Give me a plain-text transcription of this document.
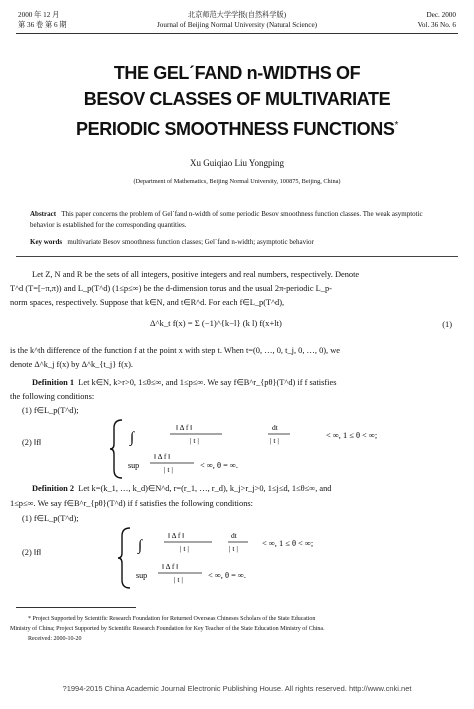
2000 年 12 月
第 36 卷 第 6 期
北京师范大学学报(自然科学版)
Journal of Beijing Normal University (Natural Science)
Dec. 2000
Vol. 36 No. 6
THE GELˊFAND n-WIDTHS OF
BESOV CLASSES OF MULTIVARIATE
PERIODIC SMOOTHNESS FUNCTIONS*
Xu Guiqiao Liu Yongping
(Department of Mathematics, Beijing Normal University, 100875, Beijing, China)
Abstract This paper concerns the problem of Gelˊfand n-width of some periodic Besov smoothness function classes. The weak asymptotic behavior is established for the corresponding quantities.
Key words multivariate Besov smoothness function classes; Gelˊfand n-width; asymptotic behavior
Let Z, N and R be the sets of all integers, positive integers and real numbers, respectively. Denote
T^d (T=[−π,π)) and L_p(T^d) (1≤p≤∞) be the d-dimension torus and the usual 2π-periodic L_p-
norm spaces, respectively. Suppose that k∈N, and t∈R^d. For each f∈L_p(T^d),
Δ^k_t f(x) = Σ (−1)^{k−l} (k l) f(x+lt)	(1)
is the k^th difference of the function f at the point x with step t. When t=(0, …, 0, t_j, 0, …, 0), we
denote Δ^k_j f(x) by Δ^k_{t_j} f(x).
Definition 1 Let k∈N, k>r>0, 1≤θ≤∞, and 1≤p≤∞. We say f∈B^r_{pθ}(T^d) if f satisfies
the following conditions:
(1) f∈L_p(T^d);
(2) ‖f‖	∫
‖ Δ f ‖
| t |
dt
| t |
< ∞, 1 ≤ θ < ∞;
sup
‖ Δ f ‖
| t |	< ∞, θ = ∞.
Definition 2 Let k=(k_1, …, k_d)∈N^d, r=(r_1, …, r_d), k_j>r_j>0, 1≤j≤d, 1≤θ≤∞, and
1≤p≤∞. We say f∈B^r_{pθ}(T^d) if f satisfies the following conditions:
(1) f∈L_p(T^d);
(2) ‖f‖	∫
‖ Δ f ‖
| t |
dt
| t |
< ∞, 1 ≤ θ < ∞;
sup
‖ Δ f ‖
| t |	< ∞, θ = ∞.
* Project Supported by Scientific Research Foundation for Returned Overseas Chineses Scholars of the State Education
Ministry of China; Project Supported by Scientific Research Foundation for Key Teacher of the State Education Ministry of China.
Received: 2000-10-20
?1994-2015 China Academic Journal Electronic Publishing House. All rights reserved. http://www.cnki.net
